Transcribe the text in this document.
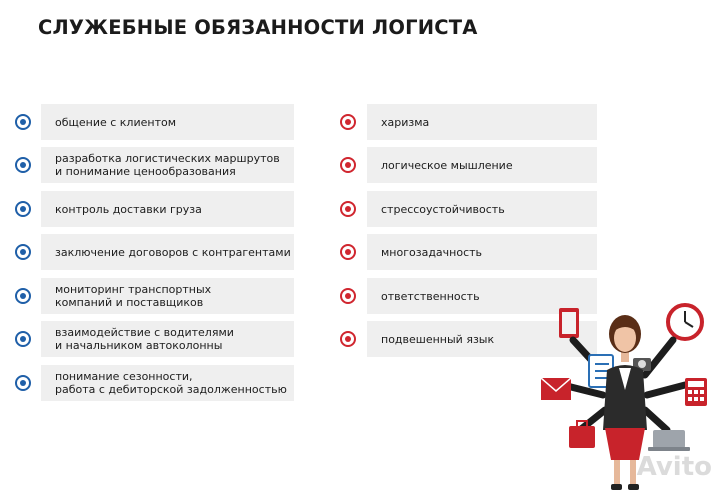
СЛУЖЕБНЫЕ ОБЯЗАННОСТИ ЛОГИСТА
общение с клиентом
разработка логистических маршрутов
и понимание ценообразования
контроль доставки груза
заключение договоров с контрагентами
мониторинг транспортных
компаний и поставщиков
взаимодействие с водителями
и начальником автоколонны
понимание сезонности,
работа с дебиторской задолженностью
харизма
логическое мышление
стрессоустойчивость
многозадачность
ответственность
подвешенный язык
Avito
